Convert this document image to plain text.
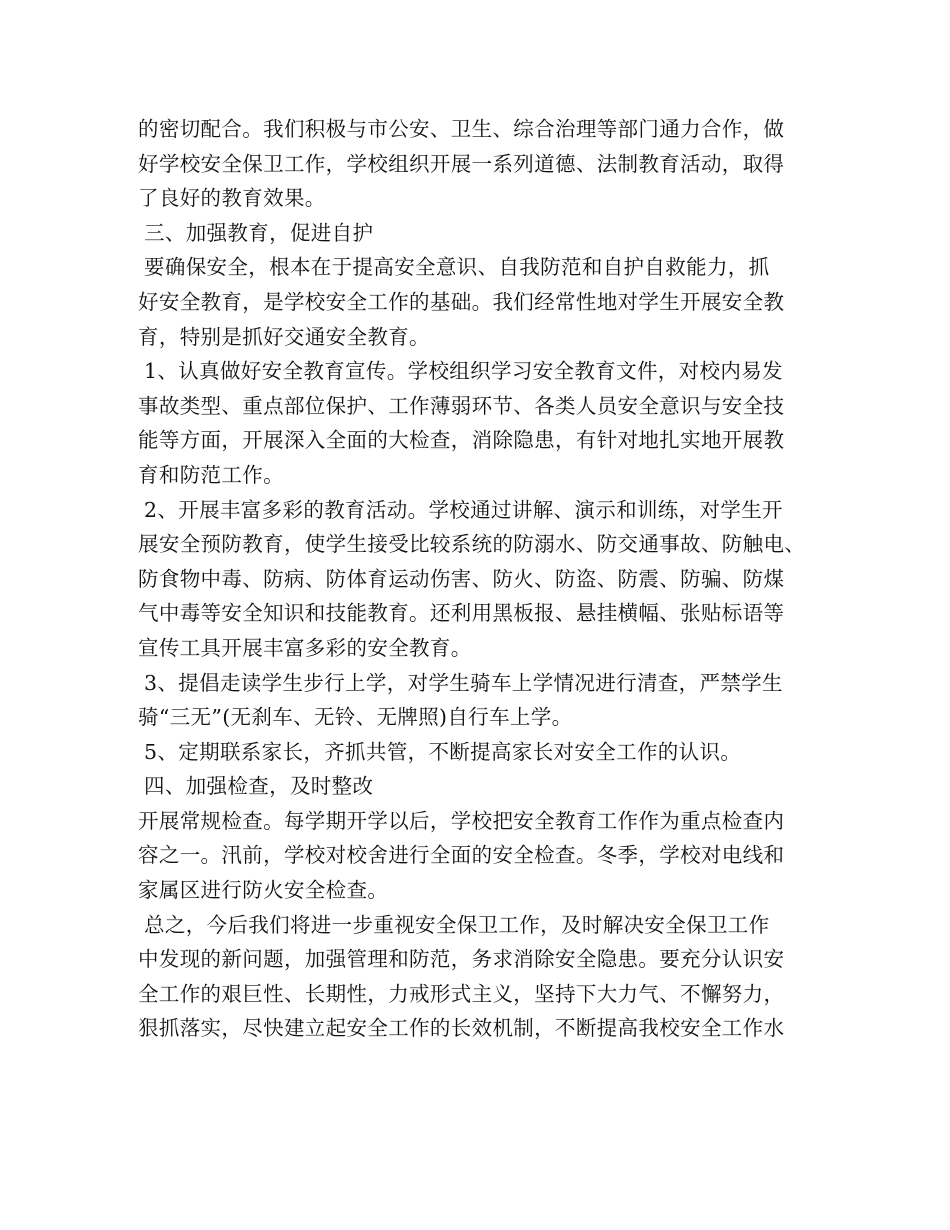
的密切配合。我们积极与市公安、卫生、综合治理等部门通力合作，做
好学校安全保卫工作，学校组织开展一系列道德、法制教育活动，取得
了良好的教育效果。
三、加强教育，促进自护
要确保安全，根本在于提高安全意识、自我防范和自护自救能力，抓
好安全教育，是学校安全工作的基础。我们经常性地对学生开展安全教
育，特别是抓好交通安全教育。
1、认真做好安全教育宣传。学校组织学习安全教育文件，对校内易发
事故类型、重点部位保护、工作薄弱环节、各类人员安全意识与安全技
能等方面，开展深入全面的大检查，消除隐患，有针对地扎实地开展教
育和防范工作。
2、开展丰富多彩的教育活动。学校通过讲解、演示和训练，对学生开
展安全预防教育，使学生接受比较系统的防溺水、防交通事故、防触电、
防食物中毒、防病、防体育运动伤害、防火、防盗、防震、防骗、防煤
气中毒等安全知识和技能教育。还利用黑板报、悬挂横幅、张贴标语等
宣传工具开展丰富多彩的安全教育。
3、提倡走读学生步行上学，对学生骑车上学情况进行清查，严禁学生
骑“三无”(无刹车、无铃、无牌照)自行车上学。
5、定期联系家长，齐抓共管，不断提高家长对安全工作的认识。
四、加强检查，及时整改
开展常规检查。每学期开学以后，学校把安全教育工作作为重点检查内
容之一。汛前，学校对校舍进行全面的安全检查。冬季，学校对电线和
家属区进行防火安全检查。
总之，今后我们将进一步重视安全保卫工作，及时解决安全保卫工作
中发现的新问题，加强管理和防范，务求消除安全隐患。要充分认识安
全工作的艰巨性、长期性，力戒形式主义，坚持下大力气、不懈努力，
狠抓落实，尽快建立起安全工作的长效机制，不断提高我校安全工作水
